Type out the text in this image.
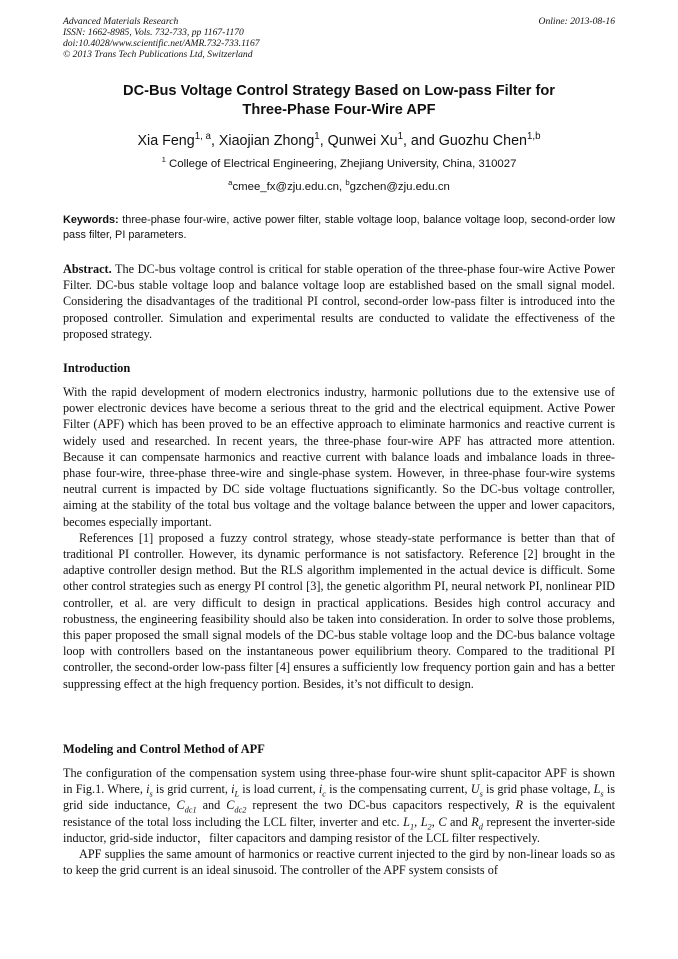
Advanced Materials Research
ISSN: 1662-8985, Vols. 732-733, pp 1167-1170
doi:10.4028/www.scientific.net/AMR.732-733.1167
© 2013 Trans Tech Publications Ltd, Switzerland
Online: 2013-08-16
DC-Bus Voltage Control Strategy Based on Low-pass Filter for
Three-Phase Four-Wire APF
Xia Feng$^{1, a}$, Xiaojian Zhong$^1$, Qunwei Xu$^1$, and Guozhu Chen$^{1,b}$
$^1$ College of Electrical Engineering, Zhejiang University, China, 310027
$^a$cmee_fx@zju.edu.cn, $^b$gzchen@zju.edu.cn
Keywords: three-phase four-wire, active power filter, stable voltage loop, balance voltage loop, second-order low pass filter, PI parameters.
Abstract. The DC-bus voltage control is critical for stable operation of the three-phase four-wire Active Power Filter. DC-bus stable voltage loop and balance voltage loop are established based on the small signal model. Considering the disadvantages of the traditional PI control, second-order low-pass filter is introduced into the proposed controller. Simulation and experimental results are conducted to validate the effectiveness of the proposed strategy.
Introduction

With the rapid development of modern electronics industry, harmonic pollutions due to the extensive use of power electronic devices have become a serious threat to the grid and the electrical equipment. Active Power Filter (APF) which has been proved to be an effective approach to eliminate harmonics and reactive current is widely used and researched. In recent years, the three-phase four-wire APF has attracted more attention. Because it can compensate harmonics and reactive current with balance loads and imbalance loads in three-phase four-wire, three-phase three-wire and single-phase system. However, in three-phase four-wire systems neutral current is impacted by DC side voltage fluctuations significantly. So the DC-bus voltage controller, aiming at the stability of the total bus voltage and the voltage balance between the upper and lower capacitors, becomes especially important.

References [1] proposed a fuzzy control strategy, whose steady-state performance is better than that of traditional PI controller. However, its dynamic performance is not satisfactory. Reference [2] brought in the adaptive controller design method. But the RLS algorithm implemented in the actual device is difficult. Some other control strategies such as energy PI control [3], the genetic algorithm PI, neural network PI, nonlinear PID controller, et al. are very difficult to design in practical applications. Besides high control accuracy and robustness, the engineering feasibility should also be taken into consideration. In order to solve those problems, this paper proposed the small signal models of the DC-bus stable voltage loop and the DC-bus balance voltage loop with controllers based on the instantaneous power equilibrium theory. Compared to the traditional PI controller, the second-order low-pass filter [4] ensures a sufficiently low frequency portion gain and has a better suppressing effect at the high frequency portion. Besides, it’s not difficult to design.

Modeling and Control Method of APF

The configuration of the compensation system using three-phase four-wire shunt split-capacitor APF is shown in Fig.1. Where, $i_s$ is grid current, $i_L$ is load current, $i_c$ is the compensating current, $U_s$ is grid phase voltage, $L_s$ is grid side inductance, $C_{dc1}$ and $C_{dc2}$ represent the two DC-bus capacitors respectively, R is the equivalent resistance of the total loss including the LCL filter, inverter and etc. $L_1$, $L_2$, C and $R_d$ represent the inverter-side inductor, grid-side inductor，filter capacitors and damping resistor of the LCL filter respectively.

APF supplies the same amount of harmonics or reactive current injected to the gird by non-linear loads so as to keep the grid current is an ideal sinusoid. The controller of the APF system consists of
